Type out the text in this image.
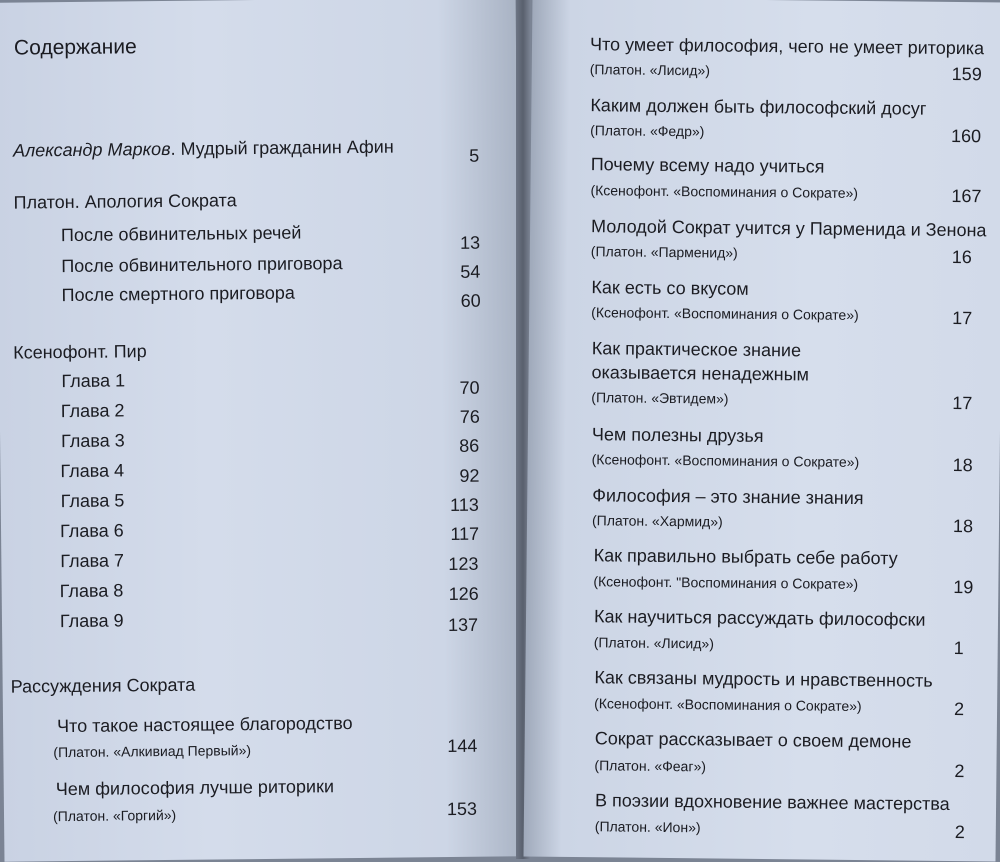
Содержание
Александр Марков. Мудрый гражданин Афин	5
Платон. Апология Сократа
После обвинительных речей	13
После обвинительного приговора	54
После смертного приговора	60
Ксенофонт. Пир
Глава 1	70
Глава 2	76
Глава 3	86
Глава 4	92
Глава 5	113
Глава 6	117
Глава 7	123
Глава 8	126
Глава 9	137
Рассуждения Сократа
Что такое настоящее благородство
(Платон. «Алкивиад Первый»)	144
Чем философия лучше риторики
(Платон. «Горгий»)	153
Что умеет философия, чего не умеет риторика
(Платон. «Лисид»)	159
Каким должен быть философский досуг
(Платон. «Федр»)	160
Почему всему надо учиться
(Ксенофонт. «Воспоминания о Сократе»)	167
Молодой Сократ учится у Парменида и Зенона
(Платон. «Парменид»)	16
Как есть со вкусом
(Ксенофонт. «Воспоминания о Сократе»)	17
Как практическое знание
оказывается ненадежным
(Платон. «Эвтидем»)	17
Чем полезны друзья
(Ксенофонт. «Воспоминания о Сократе»)	18
Философия – это знание знания
(Платон. «Хармид»)	18
Как правильно выбрать себе работу
(Ксенофонт. "Воспоминания о Сократе»)	19
Как научиться рассуждать философски
(Платон. «Лисид»)	1
Как связаны мудрость и нравственность
(Ксенофонт. «Воспоминания о Сократе»)	2
Сократ рассказывает о своем демоне
(Платон. «Феаг»)	2
В поэзии вдохновение важнее мастерства
(Платон. «Ион»)	2
